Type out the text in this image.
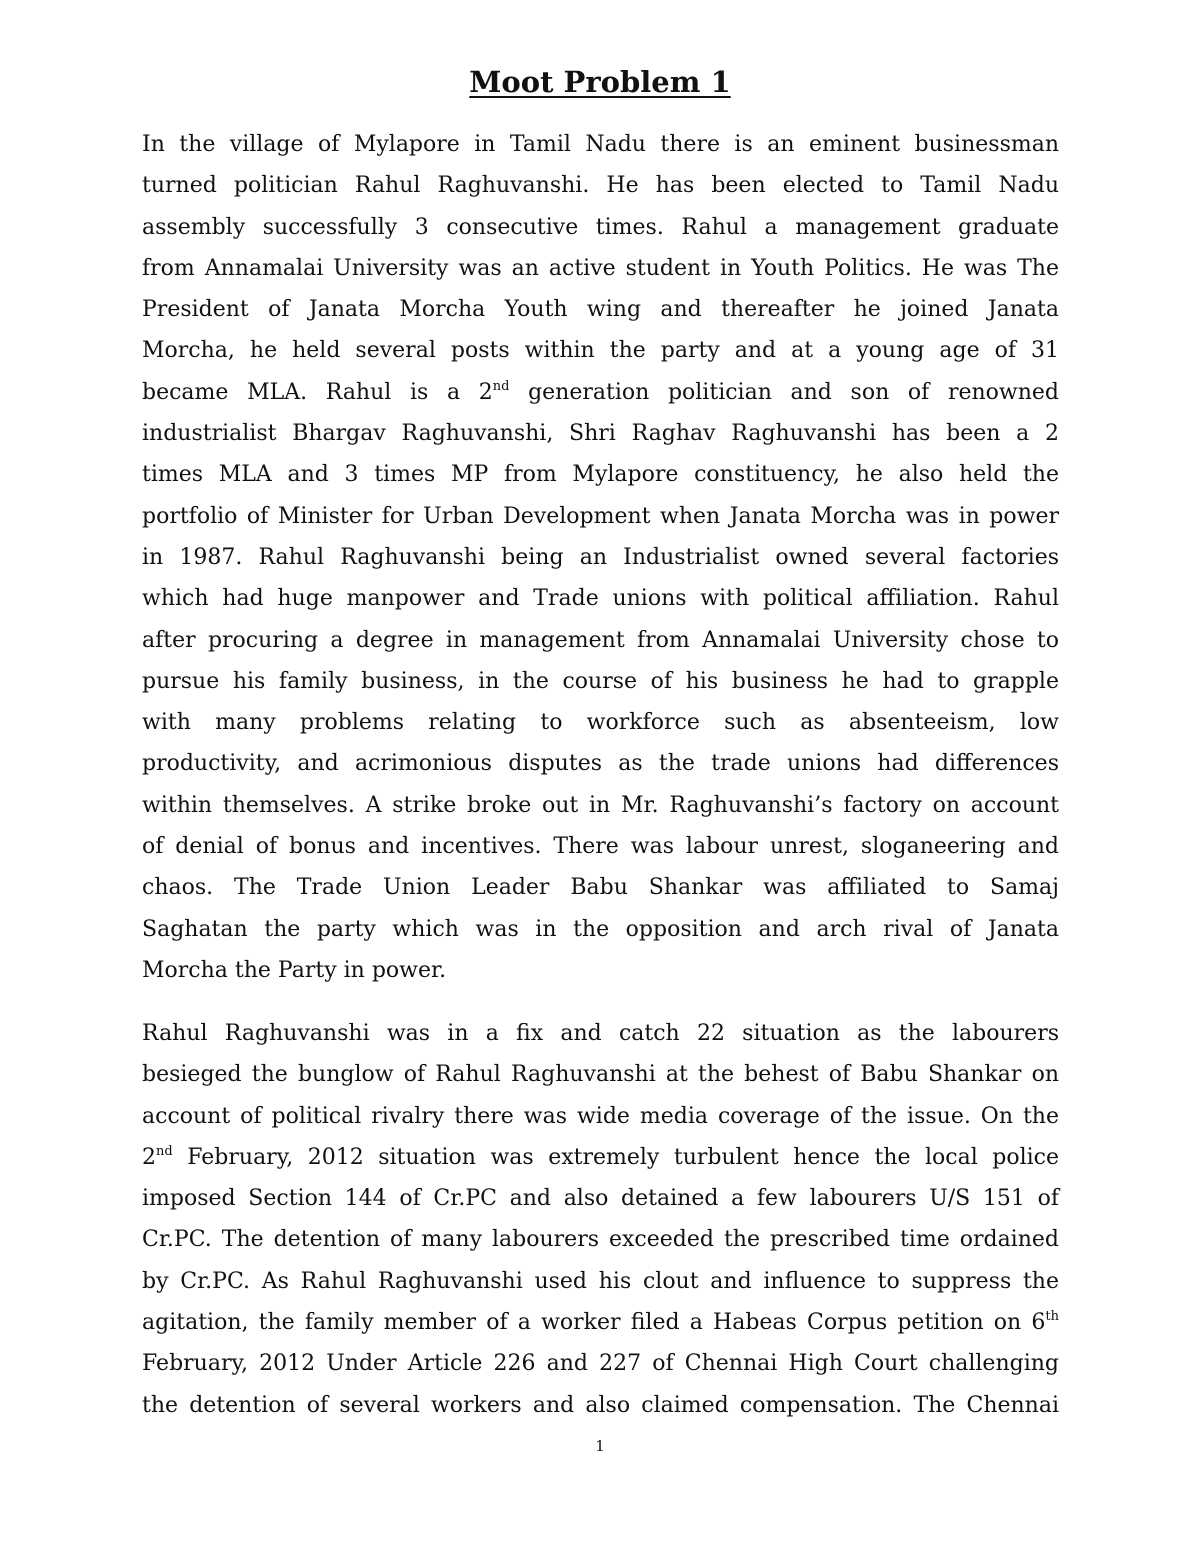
Moot Problem 1
In the village of Mylapore in Tamil Nadu there is an eminent businessman
turned politician Rahul Raghuvanshi. He has been elected to Tamil Nadu
assembly successfully 3 consecutive times. Rahul a management graduate
from Annamalai University was an active student in Youth Politics. He was The
President of Janata Morcha Youth wing and thereafter he joined Janata
Morcha, he held several posts within the party and at a young age of 31
became MLA. Rahul is a 2nd generation politician and son of renowned
industrialist Bhargav Raghuvanshi, Shri Raghav Raghuvanshi has been a 2
times MLA and 3 times MP from Mylapore constituency, he also held the
portfolio of Minister for Urban Development when Janata Morcha was in power
in 1987. Rahul Raghuvanshi being an Industrialist owned several factories
which had huge manpower and Trade unions with political affiliation. Rahul
after procuring a degree in management from Annamalai University chose to
pursue his family business, in the course of his business he had to grapple
with many problems relating to workforce such as absenteeism, low
productivity, and acrimonious disputes as the trade unions had differences
within themselves. A strike broke out in Mr. Raghuvanshi’s factory on account
of denial of bonus and incentives. There was labour unrest, sloganeering and
chaos. The Trade Union Leader Babu Shankar was affiliated to Samaj
Saghatan the party which was in the opposition and arch rival of Janata
Morcha the Party in power.
Rahul Raghuvanshi was in a fix and catch 22 situation as the labourers
besieged the bunglow of Rahul Raghuvanshi at the behest of Babu Shankar on
account of political rivalry there was wide media coverage of the issue. On the
2nd February, 2012 situation was extremely turbulent hence the local police
imposed Section 144 of Cr.PC and also detained a few labourers U/S 151 of
Cr.PC. The detention of many labourers exceeded the prescribed time ordained
by Cr.PC. As Rahul Raghuvanshi used his clout and influence to suppress the
agitation, the family member of a worker filed a Habeas Corpus petition on 6th
February, 2012 Under Article 226 and 227 of Chennai High Court challenging
the detention of several workers and also claimed compensation. The Chennai
1
